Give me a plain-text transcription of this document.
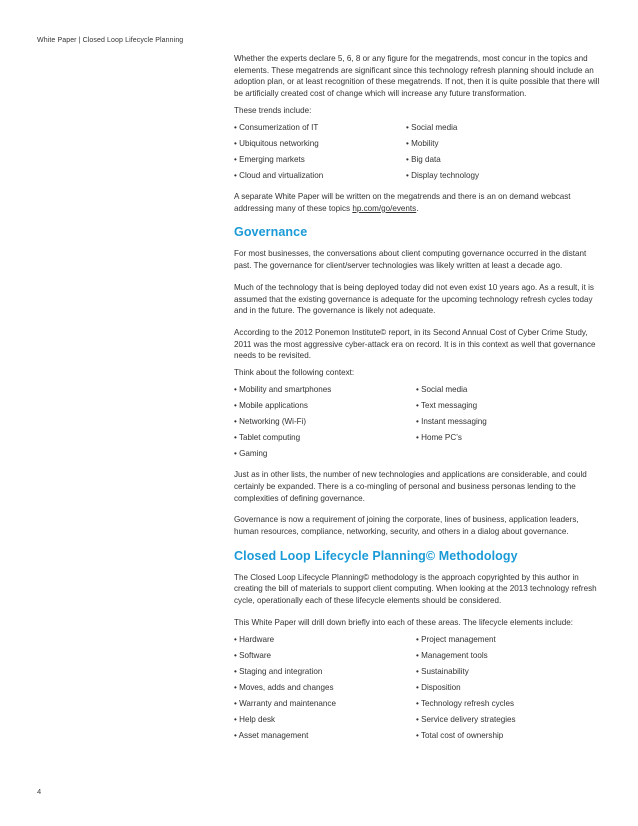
White Paper | Closed Loop Lifecycle Planning

Whether the experts declare 5, 6, 8 or any figure for the megatrends, most concur in the topics and elements. These megatrends are significant since this technology refresh planning should include an adoption plan, or at least recognition of these megatrends. If not, then it is quite possible that there will be artificially created cost of change which will increase any future transformation.

These trends include:

• Consumerization of IT	• Social media
• Ubiquitous networking	• Mobility
• Emerging markets	• Big data
• Cloud and virtualization	• Display technology

A separate White Paper will be written on the megatrends and there is an on demand webcast addressing many of these topics hp.com/go/events.

Governance

For most businesses, the conversations about client computing governance occurred in the distant past. The governance for client/server technologies was likely written at least a decade ago.

Much of the technology that is being deployed today did not even exist 10 years ago. As a result, it is assumed that the existing governance is adequate for the upcoming technology refresh cycles today and in the future. The governance is likely not adequate.

According to the 2012 Ponemon Institute© report, in its Second Annual Cost of Cyber Crime Study, 2011 was the most aggressive cyber-attack era on record. It is in this context as well that governance needs to be revisited.

Think about the following context:

• Mobility and smartphones	• Social media
• Mobile applications	• Text messaging
• Networking (Wi-Fi)	• Instant messaging
• Tablet computing	• Home PC’s
• Gaming

Just as in other lists, the number of new technologies and applications are considerable, and could certainly be expanded. There is a co-mingling of personal and business personas lending to the complexities of defining governance.

Governance is now a requirement of joining the corporate, lines of business, application leaders, human resources, compliance, networking, security, and others in a dialog about governance.

Closed Loop Lifecycle Planning© Methodology

The Closed Loop Lifecycle Planning© methodology is the approach copyrighted by this author in creating the bill of materials to support client computing. When looking at the 2013 technology refresh cycle, operationally each of these lifecycle elements should be considered.

This White Paper will drill down briefly into each of these areas. The lifecycle elements include:

• Hardware	• Project management
• Software	• Management tools
• Staging and integration	• Sustainability
• Moves, adds and changes	• Disposition
• Warranty and maintenance	• Technology refresh cycles
• Help desk	• Service delivery strategies
• Asset management	• Total cost of ownership
4
